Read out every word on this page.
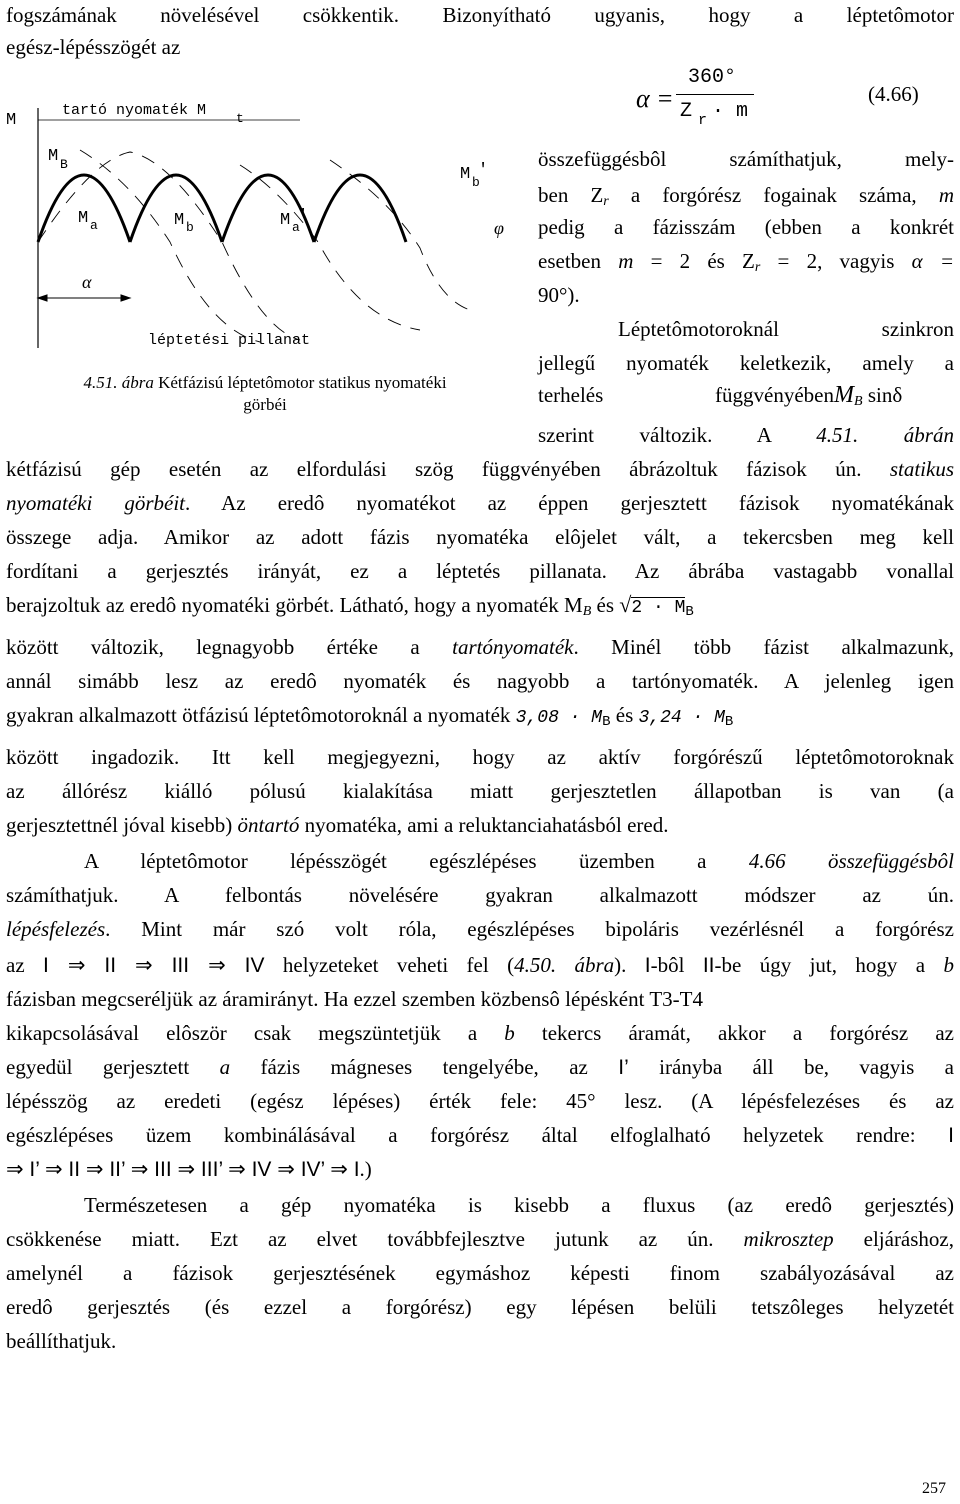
fogszámának növelésével csökkentik. Bizonyítható ugyanis, hogy a léptetômotor
egész-lépésszögét az
α =
360°
Z r · m
(4.66)
M
tartó nyomaték M t
M B
M a	M b	M a
'
M b
'
léptetési pillanat
φ
α
4.51. ábra Kétfázisú léptetômotor statikus nyomatéki
görbéi
összefüggésbôl számíthatjuk, mely-
ben $Z_r$ a forgórész fogainak száma, m
pedig a fázisszám (ebben a konkrét
esetben m = 2 és $Z_r = 2$, vagyis α =
90°).
Léptetômotoroknál szinkron
jellegű nyomaték keletkezik, amely a
terhelés függvényébenM$_B$ sinδ
szerint változik. A 4.51. ábrán
kétfázisú gép esetén az elfordulási szög függvényében ábrázoltuk fázisok ún. statikus
nyomatéki görbéit. Az eredô nyomatékot az éppen gerjesztett fázisok nyomatékának
összege adja. Amikor az adott fázis nyomatéka elôjelet vált, a tekercsben meg kell
fordítani a gerjesztés irányát, ez a léptetés pillanata. Az ábrába vastagabb vonallal
berajzoltuk az eredô nyomatéki görbét. Látható, hogy a nyomaték $M_B$ és $√2 \cdot M_B$
között változik, legnagyobb értéke a tartónyomaték. Minél több fázist alkalmazunk,
annál simább lesz az eredô nyomaték és nagyobb a tartónyomaték. A jelenleg igen
gyakran alkalmazott ötfázisú léptetômotoroknál a nyomaték $3,08 \cdot M_B$ és $3,24 \cdot M_B$
között ingadozik. Itt kell megjegyezni, hogy az aktív forgórészű léptetômotoroknak
az állórész kiálló pólusú kialakítása miatt gerjesztetlen állapotban is van (a
gerjesztettnél jóval kisebb) öntartó nyomatéka, ami a reluktanciahatásból ered.
A léptetômotor lépésszögét egészlépéses üzemben a 4.66 összefüggésbôl
számíthatjuk. A felbontás növelésére gyakran alkalmazott módszer az ún.
lépésfelezés. Mint már szó volt róla, egészlépéses bipoláris vezérlésnél a forgórész
az I ⇒ II ⇒ III ⇒ IV helyzeteket veheti fel (4.50. ábra). I-bôl II-be úgy jut, hogy a b
fázisban megcseréljük az áramirányt. Ha ezzel szemben közbensô lépésként T3-T4
kikapcsolásával elôször csak megszüntetjük a b tekercs áramát, akkor a forgórész az
egyedül gerjesztett a fázis mágneses tengelyébe, az I’ irányba áll be, vagyis a
lépésszög az eredeti (egész lépéses) érték fele: 45° lesz. (A lépésfelezéses és az
egészlépéses üzem kombinálásával a forgórész által elfoglalható helyzetek rendre: I
⇒ I’ ⇒ II ⇒ II’ ⇒ III ⇒ III’ ⇒ IV ⇒ IV’ ⇒ I.)
Természetesen a gép nyomatéka is kisebb a fluxus (az eredô gerjesztés)
csökkenése miatt. Ezt az elvet továbbfejlesztve jutunk az ún. mikrosztep eljáráshoz,
amelynél a fázisok gerjesztésének egymáshoz képesti finom szabályozásával az
eredô gerjesztés (és ezzel a forgórész) egy lépésen belüli tetszôleges helyzetét
beállíthatjuk.
257
